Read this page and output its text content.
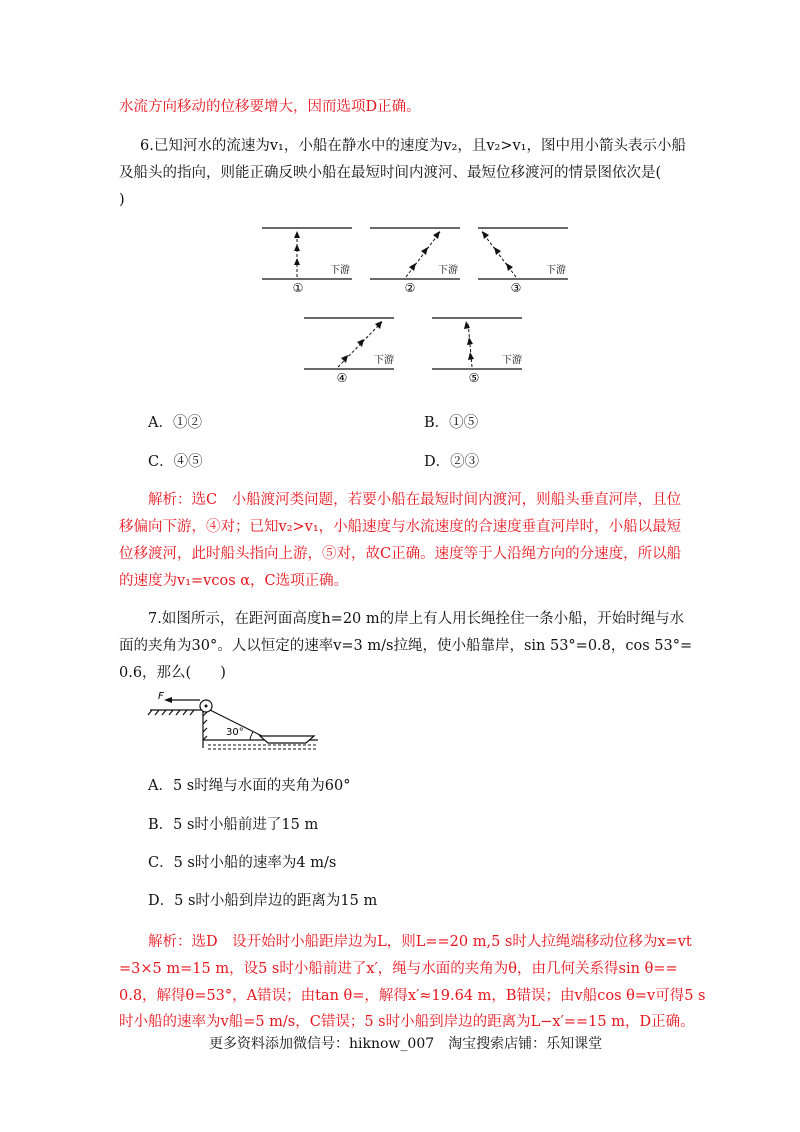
水流方向移动的位移要增大，因而选项D正确。
6.已知河水的流速为v₁，小船在静水中的速度为v₂，且v₂>v₁，图中用小箭头表示小船
及船头的指向，则能正确反映小船在最短时间内渡河、最短位移渡河的情景图依次是(
)
下游
①
下游
②
下游
③
下游
④
下游
⑤
A．①②	B．①⑤
C．④⑤	D．②③
解析：选C　小船渡河类问题，若要小船在最短时间内渡河，则船头垂直河岸，且位
移偏向下游，④对；已知v₂>v₁，小船速度与水流速度的合速度垂直河岸时，小船以最短
位移渡河，此时船头指向上游，⑤对，故C正确。速度等于人沿绳方向的分速度，所以船
的速度为v₁=vcos α，C选项正确。
7.如图所示，在距河面高度h=20 m的岸上有人用长绳拴住一条小船，开始时绳与水
面的夹角为30°。人以恒定的速率v=3 m/s拉绳，使小船靠岸，sin 53°=0.8，cos 53°=
0.6，那么(　　)
F
30°
A．5 s时绳与水面的夹角为60°
B．5 s时小船前进了15 m
C．5 s时小船的速率为4 m/s
D．5 s时小船到岸边的距离为15 m
解析：选D　设开始时小船距岸边为L，则L==20 m,5 s时人拉绳端移动位移为x=vt
=3×5 m=15 m，设5 s时小船前进了x′，绳与水面的夹角为θ，由几何关系得sin θ==
0.8，解得θ=53°，A错误；由tan θ=，解得x′≈19.64 m，B错误；由v船cos θ=v可得5 s
时小船的速率为v船=5 m/s，C错误；5 s时小船到岸边的距离为L−x′==15 m，D正确。
更多资料添加微信号：hiknow_007　淘宝搜索店铺：乐知课堂
